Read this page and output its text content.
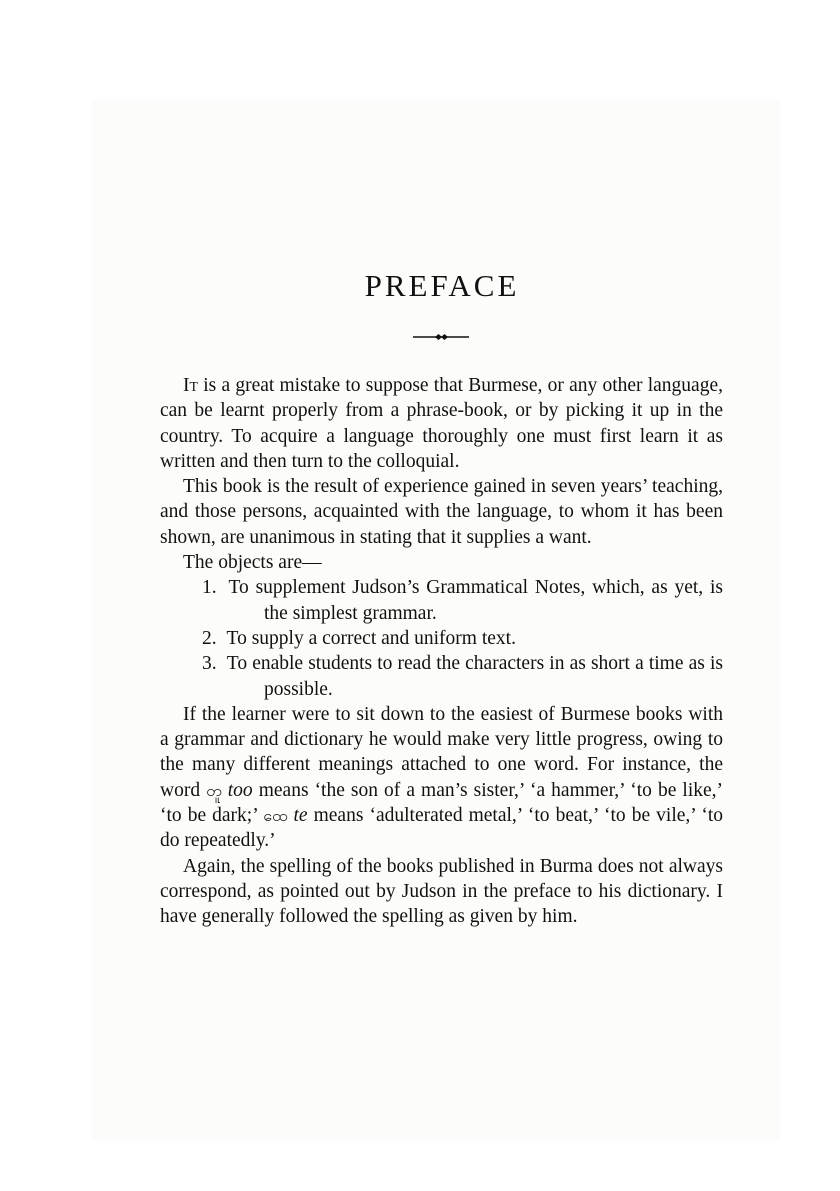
PREFACE

It is a great mistake to suppose that Burmese, or any other language, can be learnt properly from a phrase-book, or by picking it up in the country. To acquire a language thoroughly one must first learn it as written and then turn to the colloquial.

This book is the result of experience gained in seven years’ teaching, and those persons, acquainted with the language, to whom it has been shown, are unanimous in stating that it supplies a want.

The objects are—

1. To supplement Judson’s Grammatical Notes, which, as yet, is the simplest grammar.
2. To supply a correct and uniform text.
3. To enable students to read the characters in as short a time as is possible.

If the learner were to sit down to the easiest of Burmese books with a grammar and dictionary he would make very little progress, owing to the many different meanings attached to one word. For instance, the word တူ too means ‘the son of a man’s sister,’ ‘a hammer,’ ‘to be like,’ ‘to be dark;’ ထေ te means ‘adulterated metal,’ ‘to beat,’ ‘to be vile,’ ‘to do repeatedly.’

Again, the spelling of the books published in Burma does not always correspond, as pointed out by Judson in the preface to his dictionary. I have generally followed the spelling as given by him.
